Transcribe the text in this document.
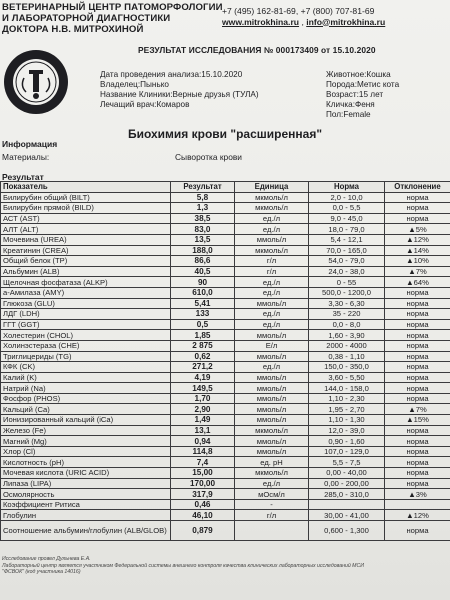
ВЕТЕРИНАРНЫЙ ЦЕНТР ПАТОМОРФОЛОГИИ
И ЛАБОРАТОРНОЙ ДИАГНОСТИКИ
ДОКТОРА Н.В. МИТРОХИНОЙ
+7 (495) 162-81-69, +7 (800) 707-81-69
www.mitrokhina.ru , info@mitrokhina.ru
РЕЗУЛЬТАТ ИССЛЕДОВАНИЯ № 000173409 от 15.10.2020
Дата проведения анализа:15.10.2020
Владелец:Пынько
Название Клиники:Верные друзья (ТУЛА)
Лечащий врач:Комаров
Животное:Кошка
Порода:Метис кота
Возраст:15 лет
Кличка:Феня
Пол:Female
Биохимия крови "расширенная"
Информация
Материалы:	Сыворотка крови
Результат
Показатель	Результат	Единица	Норма	Отклонение
Билирубин общий (BILT)	5,8	мкмоль/л	2,0 - 10,0	норма
Билирубин прямой (BILD)	1,3	мкмоль/л	0,0 - 5,5	норма
АСТ (AST)	38,5	ед./л	9,0 - 45,0	норма
АЛТ (ALT)	83,0	ед./л	18,0 - 79,0	▲5%
Мочевина (UREA)	13,5	ммоль/л	5,4 - 12,1	▲12%
Креатинин (CREA)	188,0	мкмоль/л	70,0 - 165,0	▲14%
Общий белок (TP)	86,6	г/л	54,0 - 79,0	▲10%
Альбумин (ALB)	40,5	г/л	24,0 - 38,0	▲7%
Щелочная фосфатаза (ALKP)	90	ед./л	0 - 55	▲64%
а-Амилаза (AMY)	610,0	ед./л	500,0 - 1200,0	норма
Глюкоза (GLU)	5,41	ммоль/л	3,30 - 6,30	норма
ЛДГ (LDH)	133	ед./л	35 - 220	норма
ГГТ (GGT)	0,5	ед./л	0,0 - 8,0	норма
Холестерин (CHOL)	1,85	ммоль/л	1,60 - 3,90	норма
Холинэстераза (CHE)	2 875	Е/л	2000 - 4000	норма
Триглицериды (TG)	0,62	ммоль/л	0,38 - 1,10	норма
КФК (CK)	271,2	ед./л	150,0 - 350,0	норма
Калий (K)	4,19	ммоль/л	3,60 - 5,50	норма
Натрий (Na)	149,5	ммоль/л	144,0 - 158,0	норма
Фосфор (PHOS)	1,70	ммоль/л	1,10 - 2,30	норма
Кальций (Ca)	2,90	ммоль/л	1,95 - 2,70	▲7%
Ионизированный кальций (iCa)	1,49	ммоль/л	1,10 - 1,30	▲15%
Железо (Fe)	13,1	мкмоль/л	12,0 - 39,0	норма
Магний (Mg)	0,94	ммоль/л	0,90 - 1,60	норма
Хлор (Cl)	114,8	ммоль/л	107,0 - 129,0	норма
Кислотность (pH)	7,4	ед. рН	5,5 - 7,5	норма
Мочевая кислота (URIC ACID)	15,00	мкмоль/л	0,00 - 40,00	норма
Липаза (LIPA)	170,00	ед./л	0,00 - 200,00	норма
Осмолярность	317,9	мОсм/л	285,0 - 310,0	▲3%
Коэффициент Ритиса	0,46	-		
Глобулин	46,10	г/л	30,00 - 41,00	▲12%
Соотношение альбумин/глобулин (ALB/GLOB)	0,879		0,600 - 1,300	норма
Исследование провел Дульнева Е.А.
Лабораторный центр является участником Федеральной системы внешнего контроля качества клинических лабораторных исследований МСИ
"ФСВОК" (код участника 14016)
